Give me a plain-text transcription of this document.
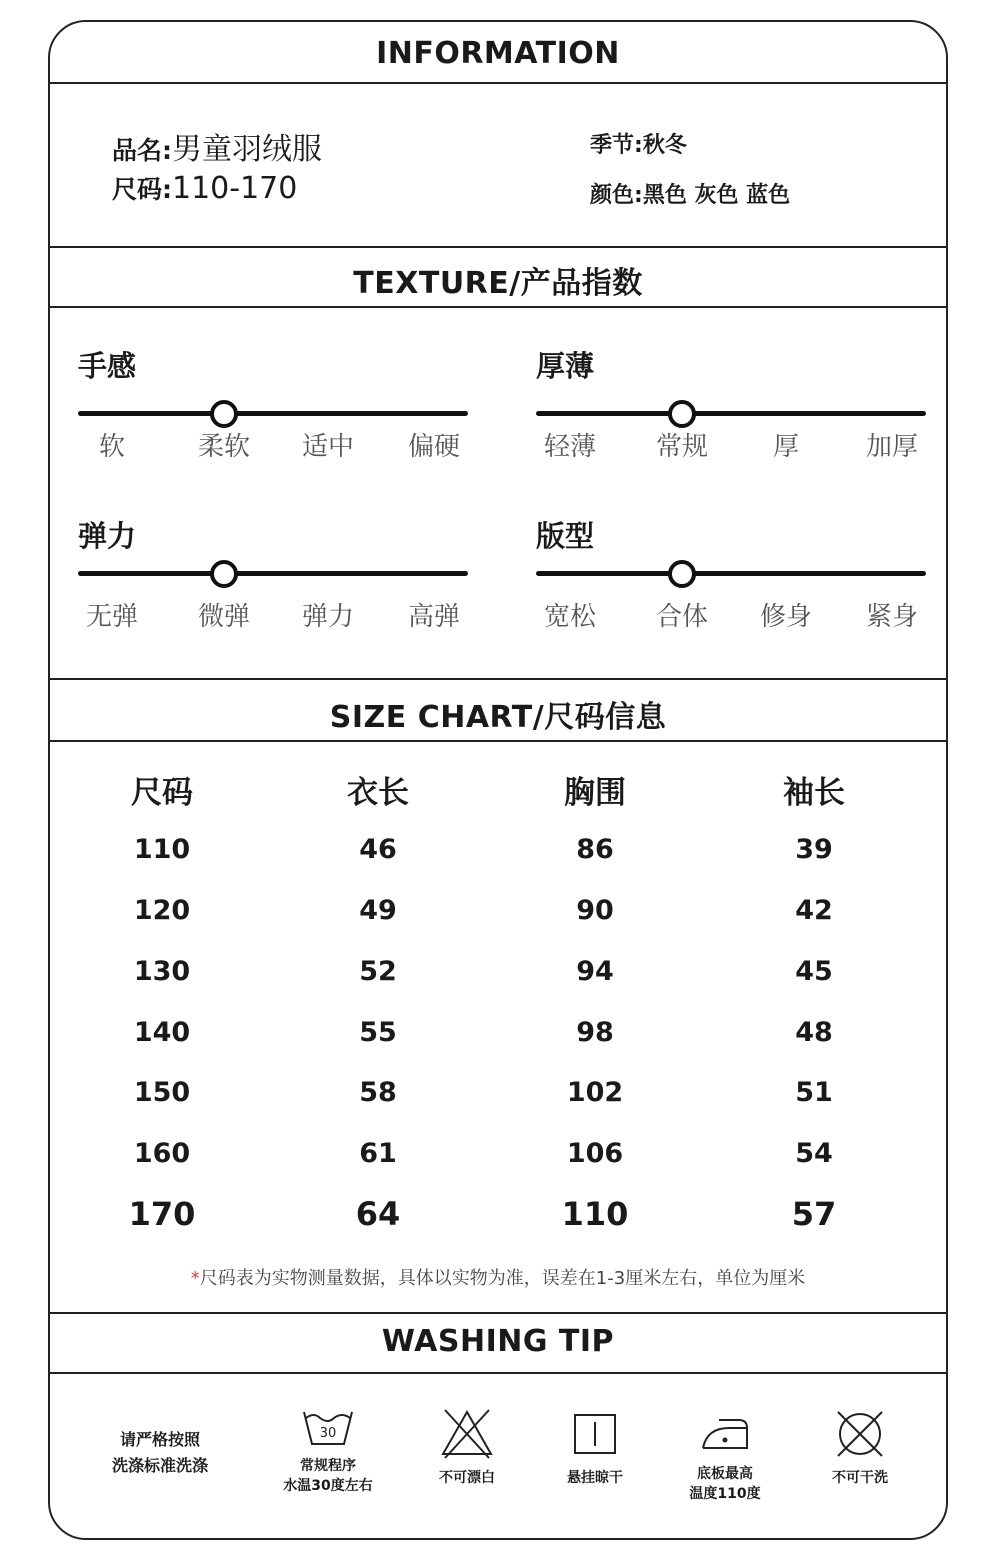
INFORMATION
品名:男童羽绒服	季节:秋冬
尺码:110-170	颜色:黑色 灰色 蓝色
TEXTURE/产品指数
手感
软	柔软 适中 偏硬
厚薄
轻薄 常规 厚	加厚
弹力
无弹 微弹 弹力 高弹
版型
宽松 合体 修身 紧身
SIZE CHART/尺码信息
尺码	衣长	胸围	袖长
110	46	86	39
120	49	90	42
130	52	94	45
140	55	98	48
150	58	102	51
160	61	106	54
170	64	110	57
*尺码表为实物测量数据，具体以实物为准，误差在1-3厘米左右，单位为厘米
WASHING TIP
请严格按照
洗涤标准洗涤
30
常规程序
水温30度左右	不可漂白	悬挂晾干	底板最高
温度110度
不可干洗
